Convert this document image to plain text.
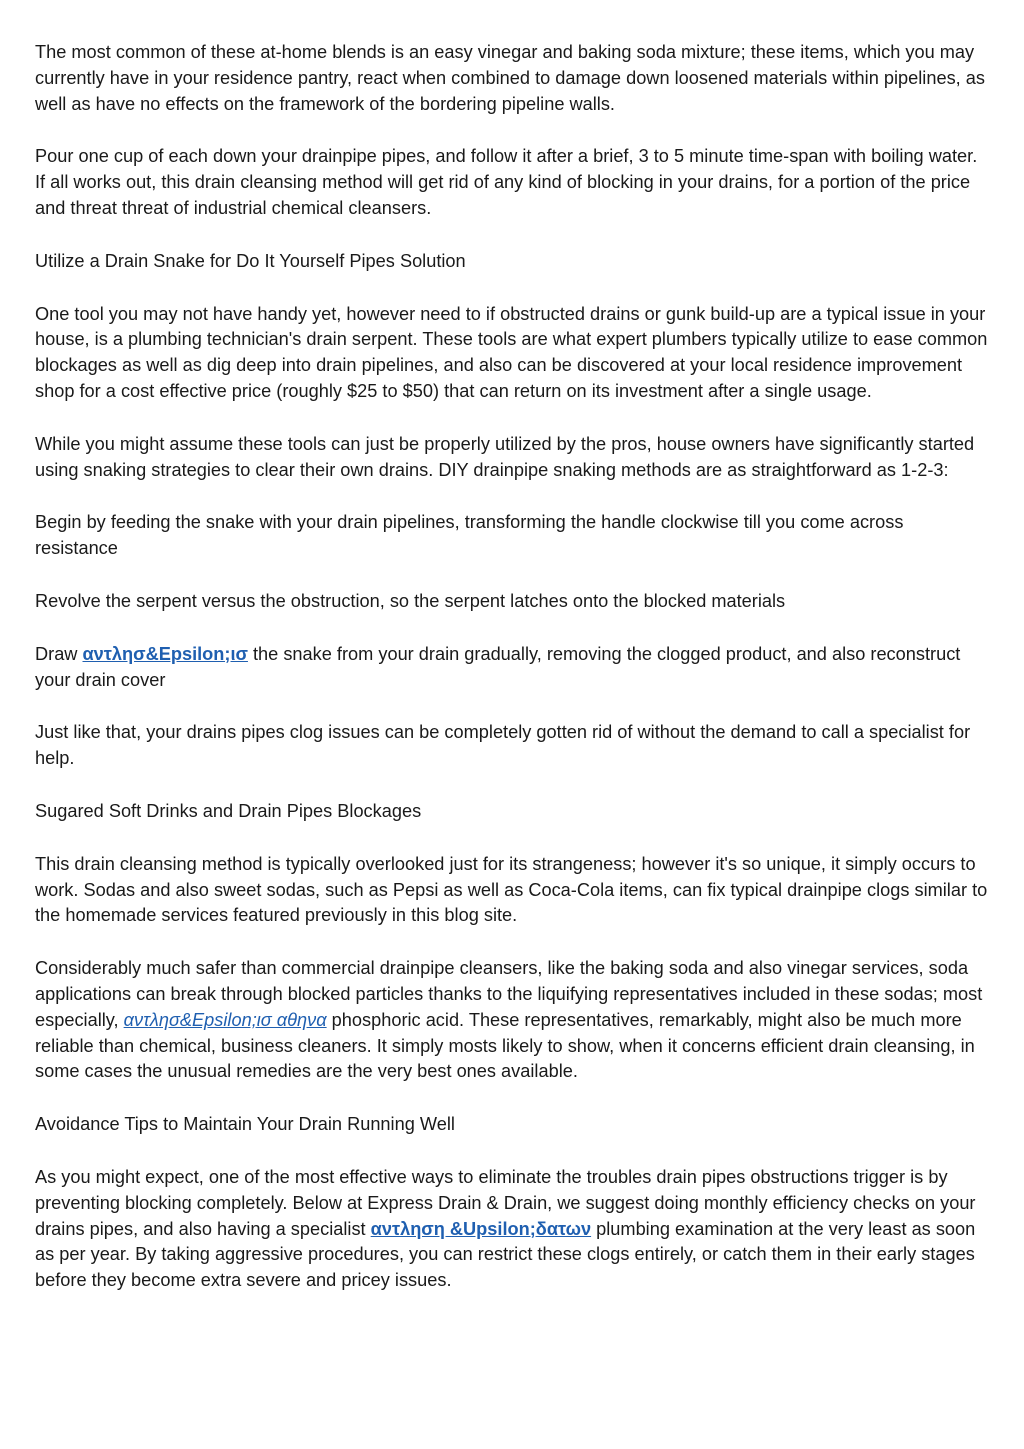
The most common of these at-home blends is an easy vinegar and baking soda mixture; these items, which you may currently have in your residence pantry, react when combined to damage down loosened materials within pipelines, as well as have no effects on the framework of the bordering pipeline walls.

Pour one cup of each down your drainpipe pipes, and follow it after a brief, 3 to 5 minute time-span with boiling water. If all works out, this drain cleansing method will get rid of any kind of blocking in your drains, for a portion of the price and threat threat of industrial chemical cleansers.

Utilize a Drain Snake for Do It Yourself Pipes Solution

One tool you may not have handy yet, however need to if obstructed drains or gunk build-up are a typical issue in your house, is a plumbing technician's drain serpent. These tools are what expert plumbers typically utilize to ease common blockages as well as dig deep into drain pipelines, and also can be discovered at your local residence improvement shop for a cost effective price (roughly $25 to $50) that can return on its investment after a single usage.

While you might assume these tools can just be properly utilized by the pros, house owners have significantly started using snaking strategies to clear their own drains. DIY drainpipe snaking methods are as straightforward as 1-2-3:

Begin by feeding the snake with your drain pipelines, transforming the handle clockwise till you come across resistance

Revolve the serpent versus the obstruction, so the serpent latches onto the blocked materials

Draw αντλησ&Epsilon;ισ the snake from your drain gradually, removing the clogged product, and also reconstruct your drain cover

Just like that, your drains pipes clog issues can be completely gotten rid of without the demand to call a specialist for help.

Sugared Soft Drinks and Drain Pipes Blockages

This drain cleansing method is typically overlooked just for its strangeness; however it's so unique, it simply occurs to work. Sodas and also sweet sodas, such as Pepsi as well as Coca-Cola items, can fix typical drainpipe clogs similar to the homemade services featured previously in this blog site.

Considerably much safer than commercial drainpipe cleansers, like the baking soda and also vinegar services, soda applications can break through blocked particles thanks to the liquifying representatives included in these sodas; most especially, αντλησ&Epsilon;ισ αθηνα phosphoric acid. These representatives, remarkably, might also be much more reliable than chemical, business cleaners. It simply mosts likely to show, when it concerns efficient drain cleansing, in some cases the unusual remedies are the very best ones available.

Avoidance Tips to Maintain Your Drain Running Well

As you might expect, one of the most effective ways to eliminate the troubles drain pipes obstructions trigger is by preventing blocking completely. Below at Express Drain & Drain, we suggest doing monthly efficiency checks on your drains pipes, and also having a specialist αντληση &Upsilon;δατων plumbing examination at the very least as soon as per year. By taking aggressive procedures, you can restrict these clogs entirely, or catch them in their early stages before they become extra severe and pricey issues.
